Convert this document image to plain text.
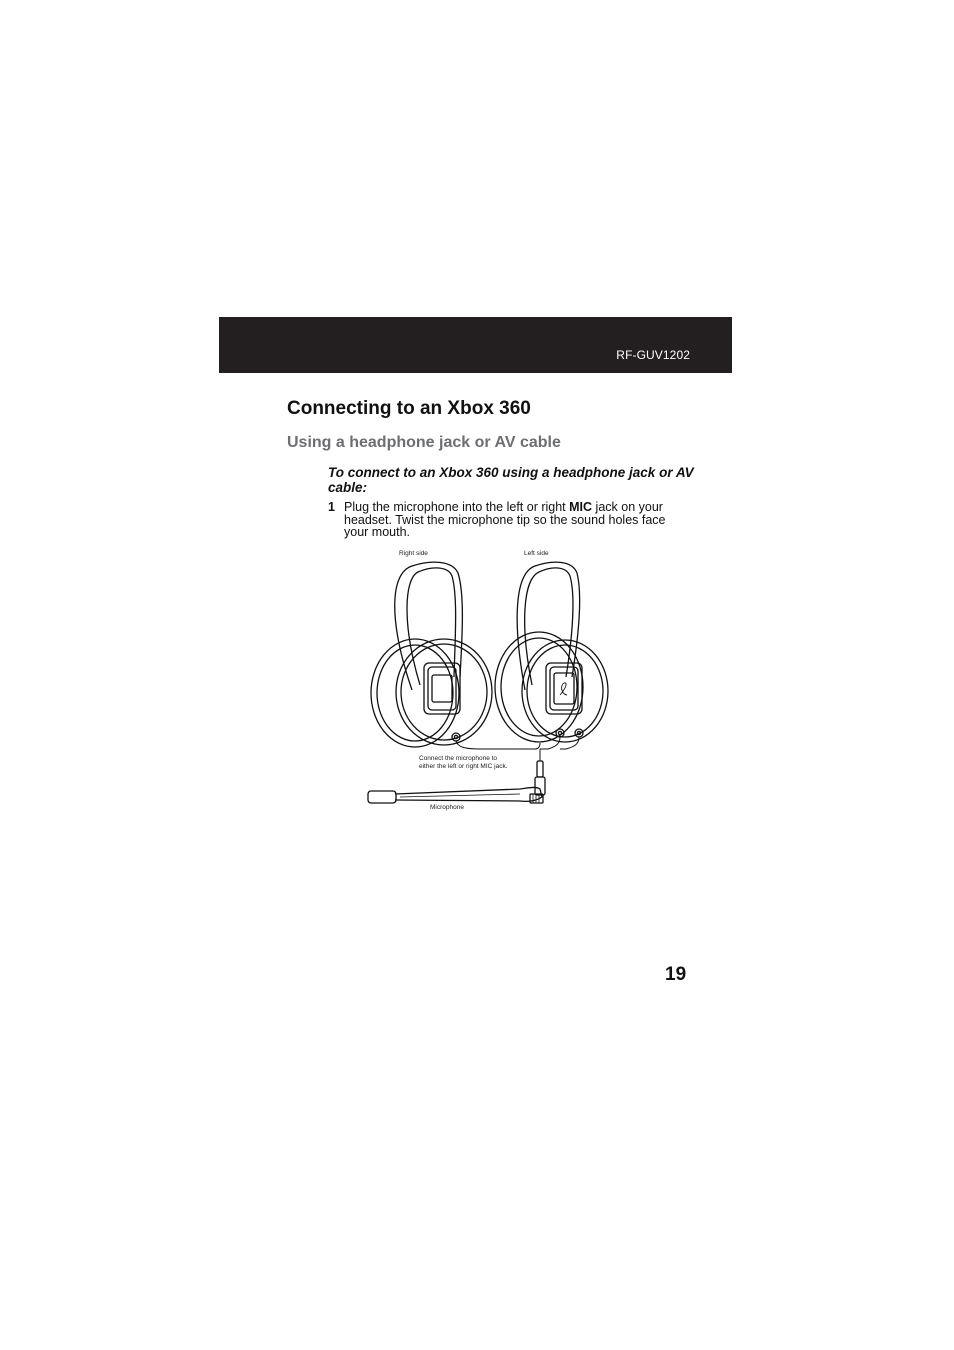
RF-GUV1202
Connecting to an Xbox 360
Using a headphone jack or AV cable

To connect to an Xbox 360 using a headphone jack or AV cable:

1 Plug the microphone into the left or right MIC jack on your headset. Twist the microphone tip so the sound holes face your mouth.
Right side	Left side
Connect the microphone to
either the left or right MIC jack.
Microphone
19
